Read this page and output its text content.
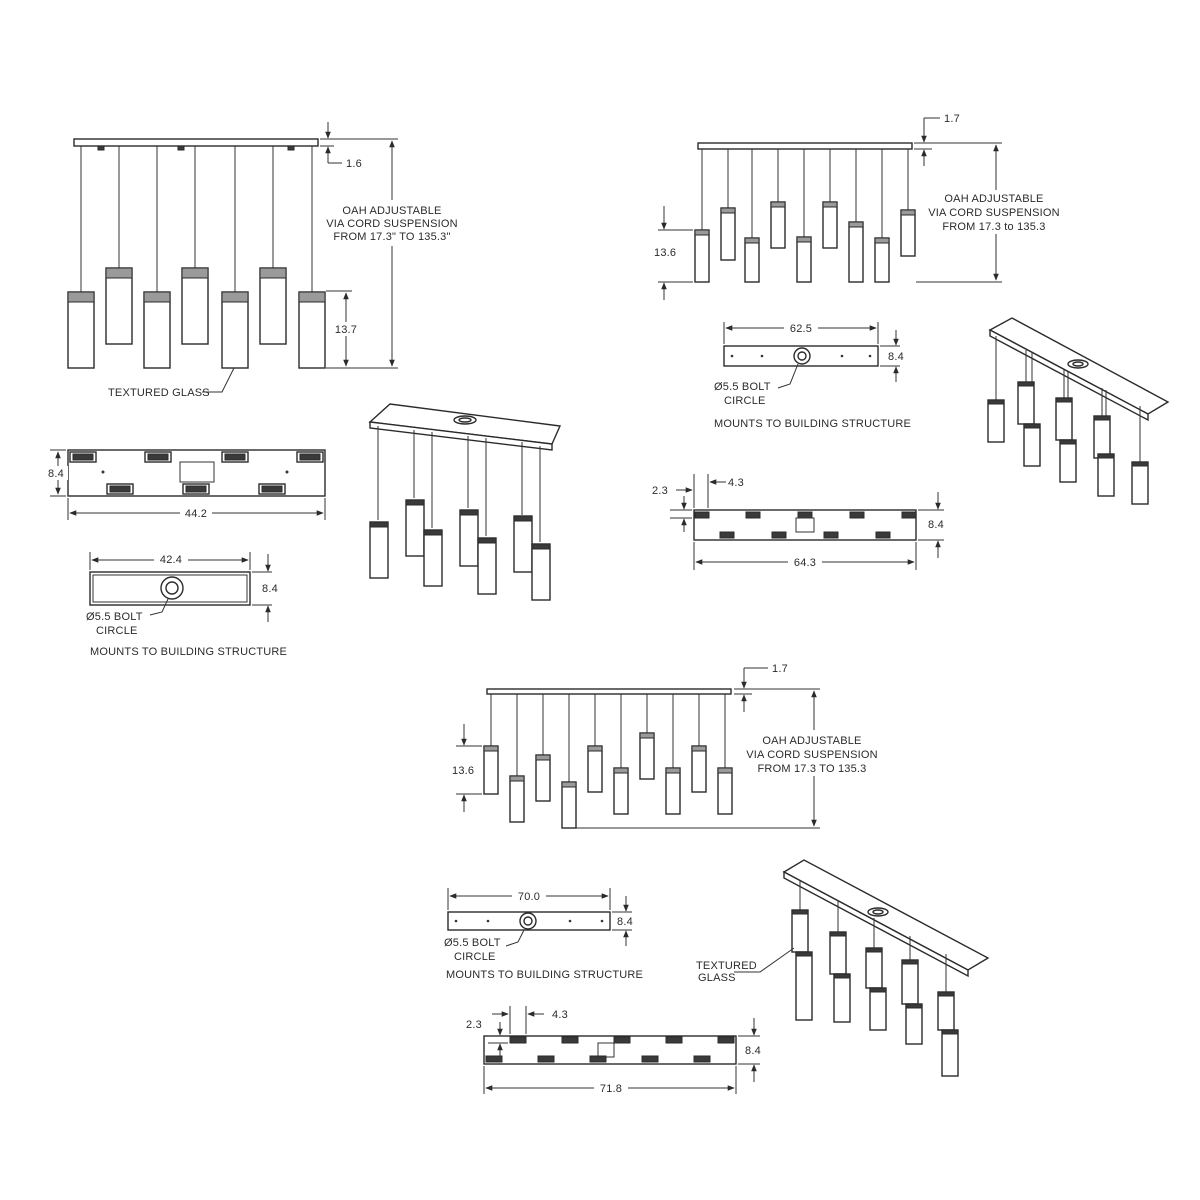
1.6
OAH ADJUSTABLE
VIA CORD SUSPENSION
FROM 17.3" TO 135.3"
13.7
TEXTURED GLASS
8.4
44.2
42.4
8.4
Ø5.5 BOLT
CIRCLE
MOUNTS TO BUILDING STRUCTURE
1.7
OAH ADJUSTABLE
VIA CORD SUSPENSION
FROM 17.3 to 135.3
13.6
62.5
8.4
Ø5.5 BOLT
CIRCLE
MOUNTS TO BUILDING STRUCTURE
4.3
2.3
8.4
64.3
1.7
OAH ADJUSTABLE
VIA CORD SUSPENSION
FROM 17.3 TO 135.3
13.6
70.0
8.4
Ø5.5 BOLT
CIRCLE
MOUNTS TO BUILDING STRUCTURE
4.3
2.3
8.4
71.8
TEXTURED
GLASS
